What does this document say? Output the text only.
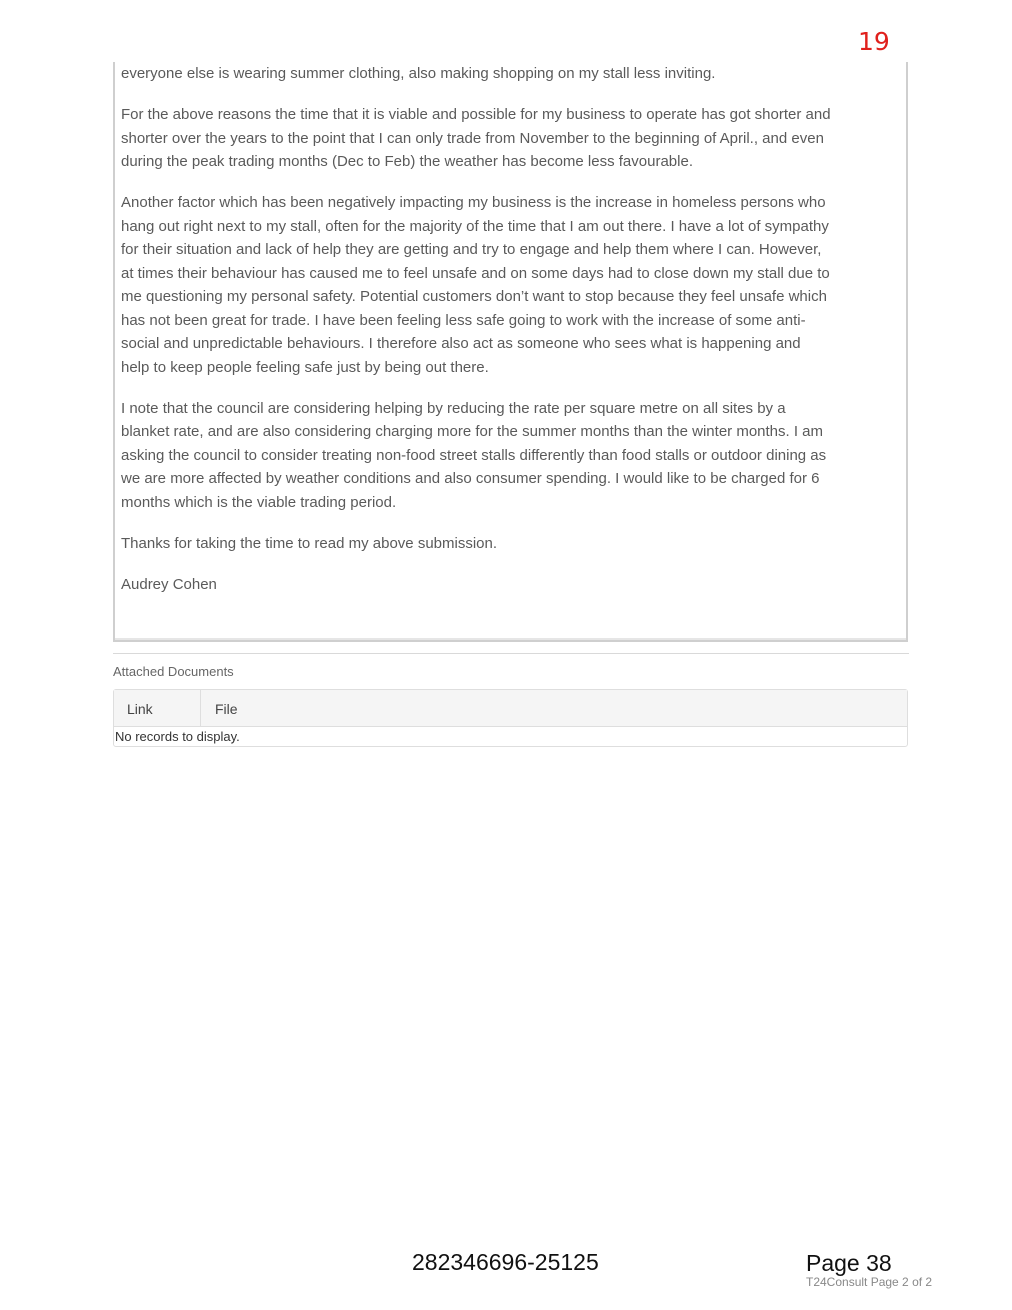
19

everyone else is wearing summer clothing, also making shopping on my stall less inviting.

For the above reasons the time that it is viable and possible for my business to operate has got shorter and shorter over the years to the point that I can only trade from November to the beginning of April., and even during the peak trading months (Dec to Feb) the weather has become less favourable.

Another factor which has been negatively impacting my business is the increase in homeless persons who hang out right next to my stall, often for the majority of the time that I am out there. I have a lot of sympathy for their situation and lack of help they are getting and try to engage and help them where I can. However, at times their behaviour has caused me to feel unsafe and on some days had to close down my stall due to me questioning my personal safety. Potential customers don’t want to stop because they feel unsafe which has not been great for trade. I have been feeling less safe going to work with the increase of some anti-social and unpredictable behaviours. I therefore also act as someone who sees what is happening and help to keep people feeling safe just by being out there.

I note that the council are considering helping by reducing the rate per square metre on all sites by a blanket rate, and are also considering charging more for the summer months than the winter months. I am asking the council to consider treating non-food street stalls differently than food stalls or outdoor dining as we are more affected by weather conditions and also consumer spending. I would like to be charged for 6 months which is the viable trading period.

Thanks for taking the time to read my above submission.

Audrey Cohen

Attached Documents
Link	File
No records to display.
282346696-25125	Page 38
T24Consult Page 2 of 2
